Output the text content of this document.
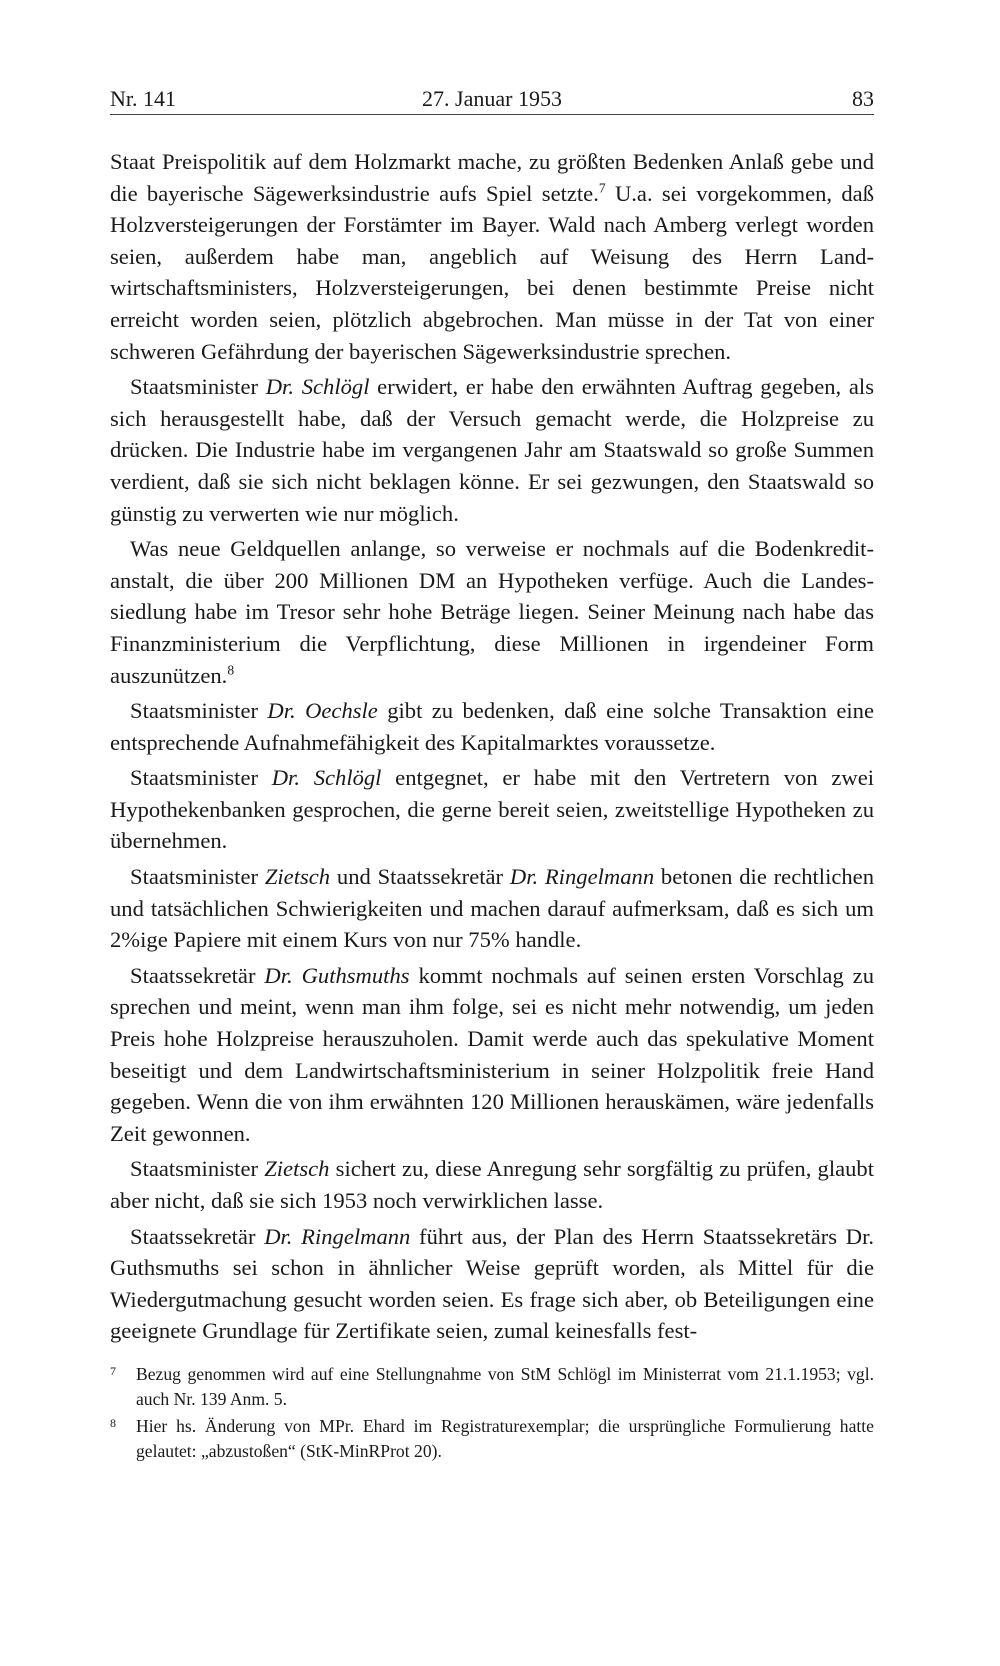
Nr. 141	27. Januar 1953	83

Staat Preispolitik auf dem Holzmarkt mache, zu größten Bedenken Anlaß gebe und die bayerische Sägewerksindustrie aufs Spiel setzte.$^7$ U.a. sei vorgekommen, daß Holzversteigerungen der Forstämter im Bayer. Wald nach Amberg verlegt worden seien, außerdem habe man, angeblich auf Weisung des Herrn Landwirtschaftsministers, Holzversteigerungen, bei denen bestimmte Preise nicht erreicht worden seien, plötzlich abgebrochen. Man müsse in der Tat von einer schweren Gefährdung der bayerischen Sägewerksindustrie sprechen.

Staatsminister Dr. Schlögl erwidert, er habe den erwähnten Auftrag gegeben, als sich herausgestellt habe, daß der Versuch gemacht werde, die Holzpreise zu drücken. Die Industrie habe im vergangenen Jahr am Staatswald so große Summen verdient, daß sie sich nicht beklagen könne. Er sei gezwungen, den Staatswald so günstig zu verwerten wie nur möglich.

Was neue Geldquellen anlange, so verweise er nochmals auf die Bodenkreditanstalt, die über 200 Millionen DM an Hypotheken verfüge. Auch die Landessiedlung habe im Tresor sehr hohe Beträge liegen. Seiner Meinung nach habe das Finanzministerium die Verpflichtung, diese Millionen in irgendeiner Form auszunützen.$^8$

Staatsminister Dr. Oechsle gibt zu bedenken, daß eine solche Transaktion eine entsprechende Aufnahmefähigkeit des Kapitalmarktes voraussetze.

Staatsminister Dr. Schlögl entgegnet, er habe mit den Vertretern von zwei Hypothekenbanken gesprochen, die gerne bereit seien, zweitstellige Hypotheken zu übernehmen.

Staatsminister Zietsch und Staatssekretär Dr. Ringelmann betonen die rechtlichen und tatsächlichen Schwierigkeiten und machen darauf aufmerksam, daß es sich um 2%ige Papiere mit einem Kurs von nur 75% handle.

Staatssekretär Dr. Guthsmuths kommt nochmals auf seinen ersten Vorschlag zu sprechen und meint, wenn man ihm folge, sei es nicht mehr notwendig, um jeden Preis hohe Holzpreise herauszuholen. Damit werde auch das spekulative Moment beseitigt und dem Landwirtschaftsministerium in seiner Holzpolitik freie Hand gegeben. Wenn die von ihm erwähnten 120 Millionen herauskämen, wäre jedenfalls Zeit gewonnen.

Staatsminister Zietsch sichert zu, diese Anregung sehr sorgfältig zu prüfen, glaubt aber nicht, daß sie sich 1953 noch verwirklichen lasse.

Staatssekretär Dr. Ringelmann führt aus, der Plan des Herrn Staatssekretärs Dr. Guthsmuths sei schon in ähnlicher Weise geprüft worden, als Mittel für die Wiedergutmachung gesucht worden seien. Es frage sich aber, ob Beteiligungen eine geeignete Grundlage für Zertifikate seien, zumal keinesfalls fest-

7 Bezug genommen wird auf eine Stellungnahme von StM Schlögl im Ministerrat vom 21.1.1953; vgl. auch Nr. 139 Anm. 5.
8 Hier hs. Änderung von MPr. Ehard im Registraturexemplar; die ursprüngliche Formulierung hatte gelautet: „abzustoßen“ (StK-MinRProt 20).
